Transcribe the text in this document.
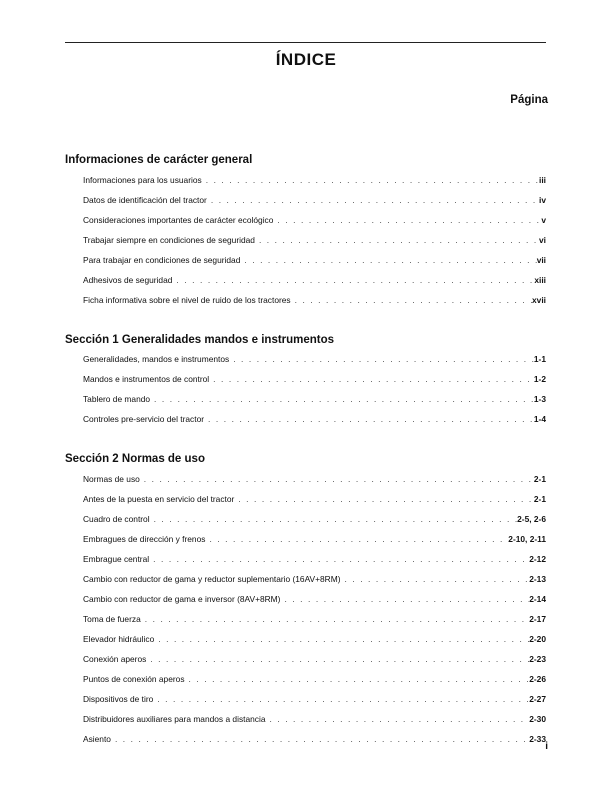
ÍNDICE
Página
Informaciones de carácter general
Informaciones para los usuarios . . .	iii
Datos de identificación del tractor . . .	iv
Consideraciones importantes de carácter ecológico . . .	v
Trabajar siempre en condiciones de seguridad . . .	vi
Para trabajar en condiciones de seguridad . . .	vii
Adhesivos de seguridad . . .	xiii
Ficha informativa sobre el nivel de ruido de los tractores . . .	xvii
Sección 1 Generalidades mandos e instrumentos
Generalidades, mandos e instrumentos . . .	1-1
Mandos e instrumentos de control . . .	1-2
Tablero de mando . . .	1-3
Controles pre-servicio del tractor . . .	1-4
Sección 2 Normas de uso
Normas de uso . . .	2-1
Antes de la puesta en servicio del tractor . . .	2-1
Cuadro de control . . .	2-5, 2-6
Embragues de dirección y frenos . . .	2-10, 2-11
Embrague central . . .	2-12
Cambio con reductor de gama y reductor suplementario (16AV+8RM) . . .	2-13
Cambio con reductor de gama e inversor (8AV+8RM) . . .	2-14
Toma de fuerza . . .	2-17
Elevador hidráulico . . .	2-20
Conexión aperos . . .	2-23
Puntos de conexión aperos . . .	2-26
Dispositivos de tiro . . .	2-27
Distribuidores auxiliares para mandos a distancia . . .	2-30
Asiento . . .	2-33
i
